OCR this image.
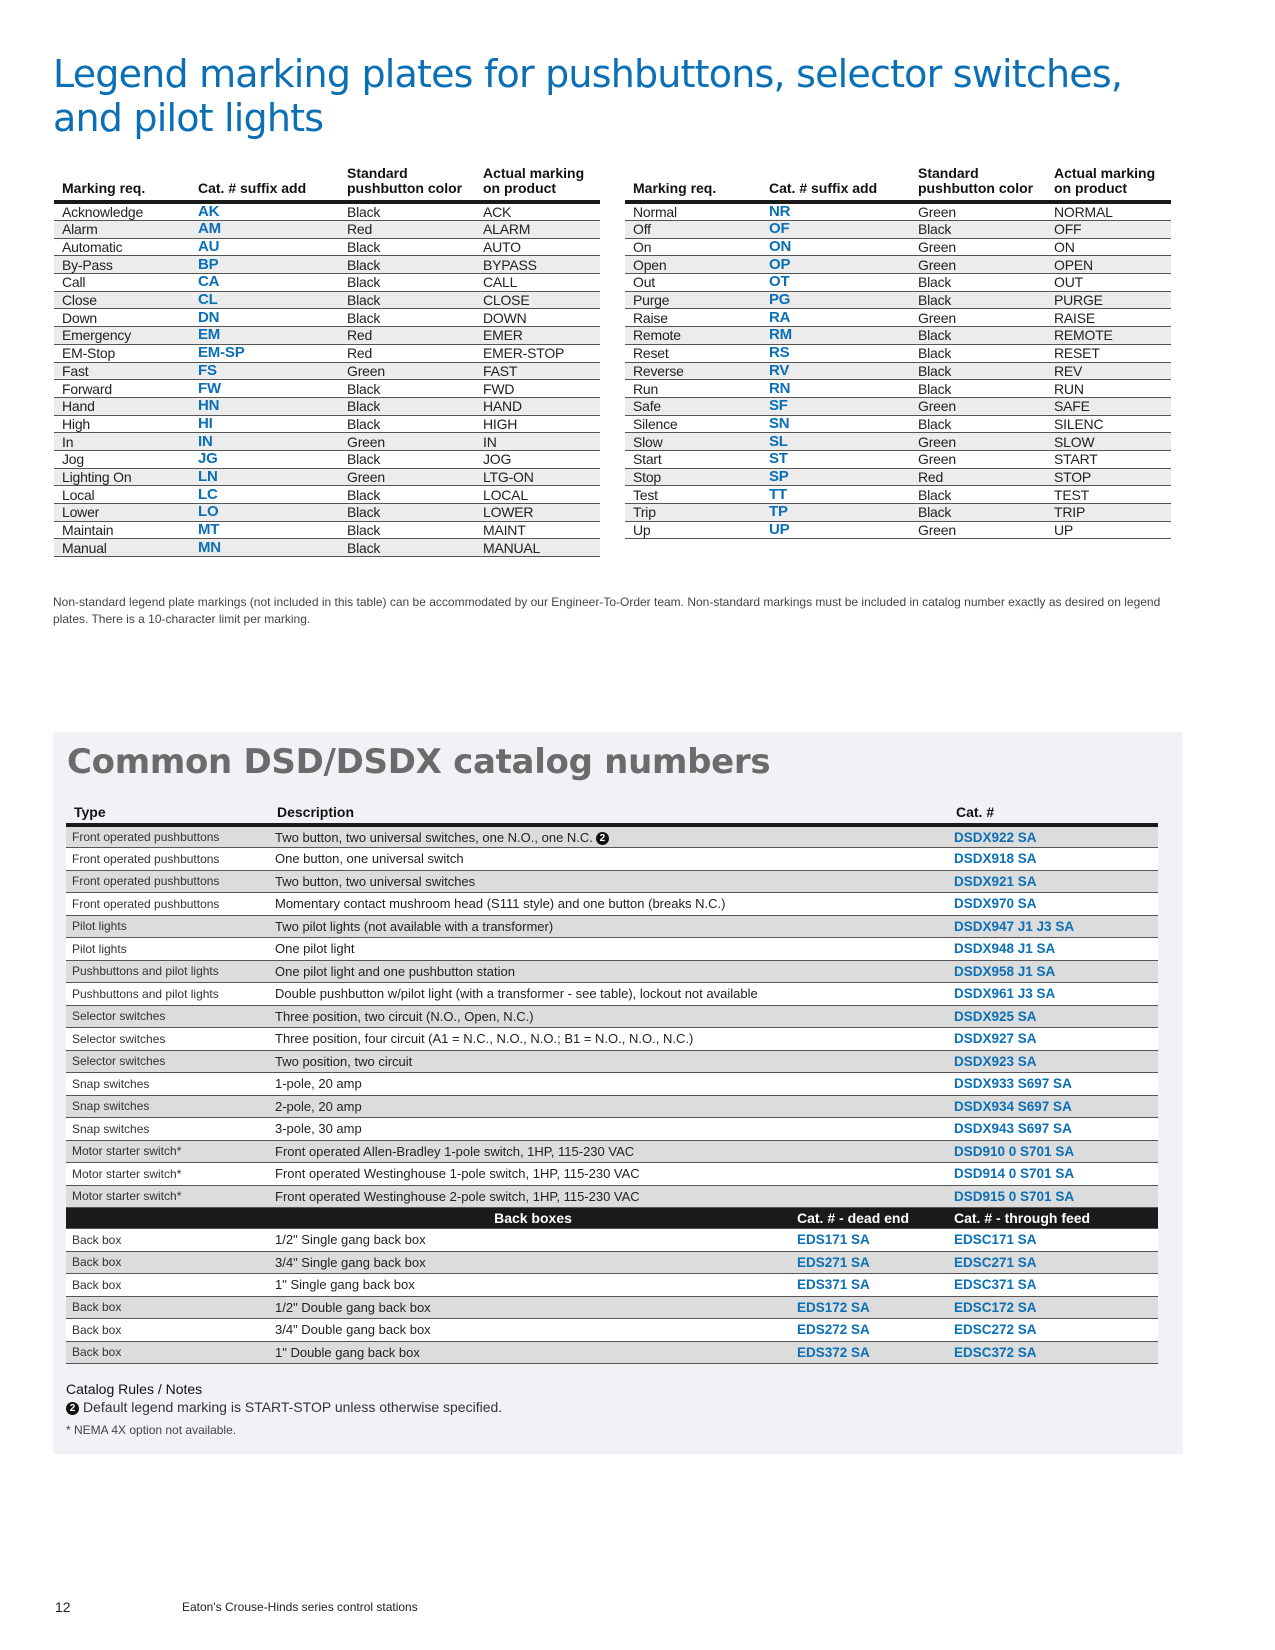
Legend marking plates for pushbuttons, selector switches, and pilot lights
Marking req.	Cat. # suffix add	Standard pushbutton color	Actual marking on product
Acknowledge	AK	Black	ACK
Alarm	AM	Red	ALARM
Automatic	AU	Black	AUTO
By-Pass	BP	Black	BYPASS
Call	CA	Black	CALL
Close	CL	Black	CLOSE
Down	DN	Black	DOWN
Emergency	EM	Red	EMER
EM-Stop	EM-SP	Red	EMER-STOP
Fast	FS	Green	FAST
Forward	FW	Black	FWD
Hand	HN	Black	HAND
High	HI	Black	HIGH
In	IN	Green	IN
Jog	JG	Black	JOG
Lighting On	LN	Green	LTG-ON
Local	LC	Black	LOCAL
Lower	LO	Black	LOWER
Maintain	MT	Black	MAINT
Manual	MN	Black	MANUAL
Marking req.	Cat. # suffix add	Standard pushbutton color	Actual marking on product
Normal	NR	Green	NORMAL
Off	OF	Black	OFF
On	ON	Green	ON
Open	OP	Green	OPEN
Out	OT	Black	OUT
Purge	PG	Black	PURGE
Raise	RA	Green	RAISE
Remote	RM	Black	REMOTE
Reset	RS	Black	RESET
Reverse	RV	Black	REV
Run	RN	Black	RUN
Safe	SF	Green	SAFE
Silence	SN	Black	SILENC
Slow	SL	Green	SLOW
Start	ST	Green	START
Stop	SP	Red	STOP
Test	TT	Black	TEST
Trip	TP	Black	TRIP
Up	UP	Green	UP

Non-standard legend plate markings (not included in this table) can be accommodated by our Engineer-To-Order team. Non-standard markings must be included in catalog number exactly as desired on legend plates. There is a 10-character limit per marking.

Common DSD/DSDX catalog numbers
Type	Description		Cat. #
Front operated pushbuttons	Two button, two universal switches, one N.O., one N.C. 2		DSDX922 SA
Front operated pushbuttons	One button, one universal switch		DSDX918 SA
Front operated pushbuttons	Two button, two universal switches		DSDX921 SA
Front operated pushbuttons	Momentary contact mushroom head (S111 style) and one button (breaks N.C.)		DSDX970 SA
Pilot lights	Two pilot lights (not available with a transformer)		DSDX947 J1 J3 SA
Pilot lights	One pilot light		DSDX948 J1 SA
Pushbuttons and pilot lights	One pilot light and one pushbutton station		DSDX958 J1 SA
Pushbuttons and pilot lights	Double pushbutton w/pilot light (with a transformer - see table), lockout not available		DSDX961 J3 SA
Selector switches	Three position, two circuit (N.O., Open, N.C.)		DSDX925 SA
Selector switches	Three position, four circuit (A1 = N.C., N.O., N.O.; B1 = N.O., N.O., N.C.)		DSDX927 SA
Selector switches	Two position, two circuit		DSDX923 SA
Snap switches	1-pole, 20 amp		DSDX933 S697 SA
Snap switches	2-pole, 20 amp		DSDX934 S697 SA
Snap switches	3-pole, 30 amp		DSDX943 S697 SA
Motor starter switch*	Front operated Allen-Bradley 1-pole switch, 1HP, 115-230 VAC		DSD910 0 S701 SA
Motor starter switch*	Front operated Westinghouse 1-pole switch, 1HP, 115-230 VAC		DSD914 0 S701 SA
Motor starter switch*	Front operated Westinghouse 2-pole switch, 1HP, 115-230 VAC		DSD915 0 S701 SA
	Back boxes	Cat. # - dead end	Cat. # - through feed
Back box	1/2" Single gang back box	EDS171 SA	EDSC171 SA
Back box	3/4" Single gang back box	EDS271 SA	EDSC271 SA
Back box	1" Single gang back box	EDS371 SA	EDSC371 SA
Back box	1/2" Double gang back box	EDS172 SA	EDSC172 SA
Back box	3/4" Double gang back box	EDS272 SA	EDSC272 SA
Back box	1" Double gang back box	EDS372 SA	EDSC372 SA
Catalog Rules / Notes
2 Default legend marking is START-STOP unless otherwise specified.
* NEMA 4X option not available.
12	Eaton's Crouse-Hinds series control stations
